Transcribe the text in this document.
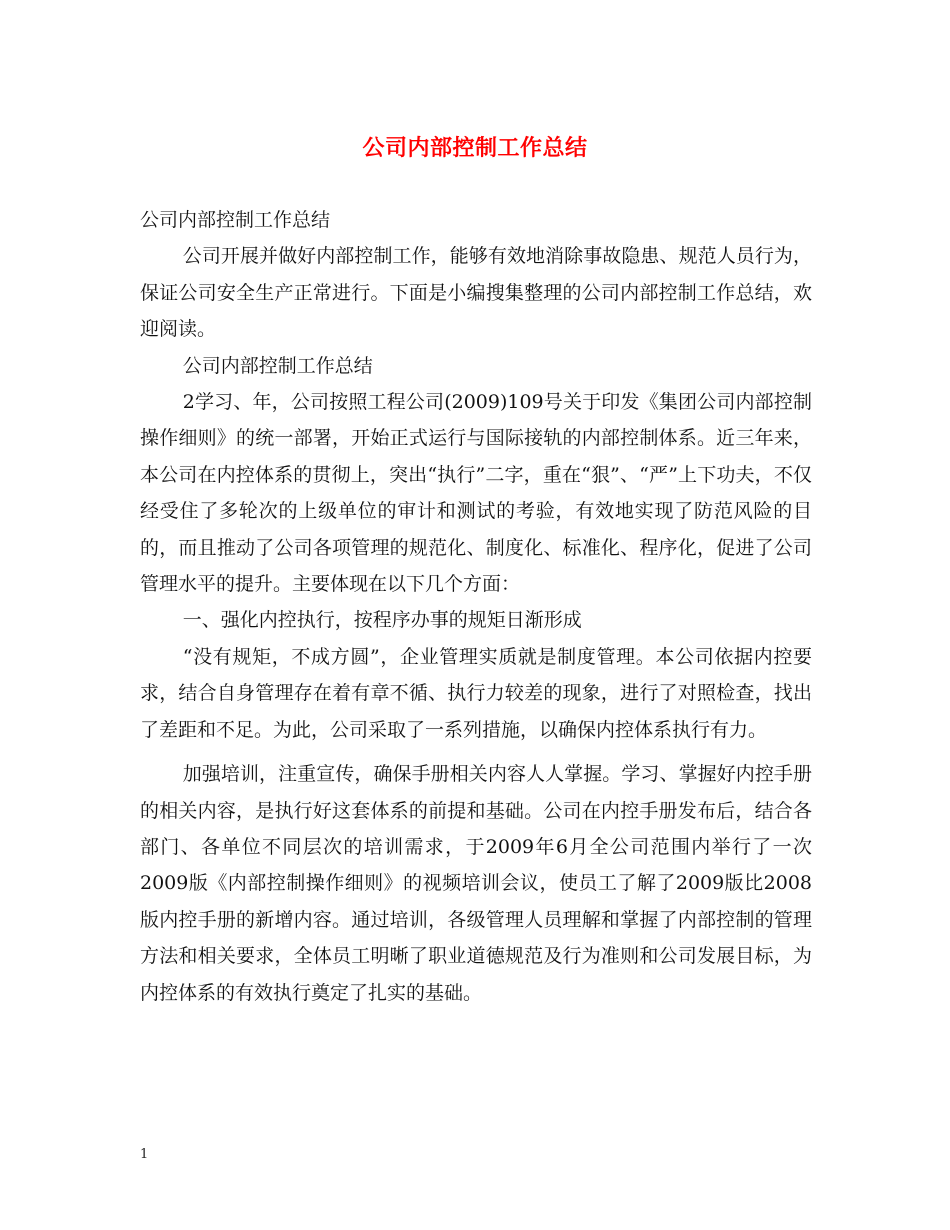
公司内部控制工作总结

公司内部控制工作总结

公司开展并做好内部控制工作，能够有效地消除事故隐患、规范人员行为，保证公司安全生产正常进行。下面是小编搜集整理的公司内部控制工作总结，欢迎阅读。

公司内部控制工作总结

2学习、年，公司按照工程公司(2009)109号关于印发《集团公司内部控制操作细则》的统一部署，开始正式运行与国际接轨的内部控制体系。近三年来，本公司在内控体系的贯彻上，突出“执行”二字，重在“狠”、“严”上下功夫，不仅经受住了多轮次的上级单位的审计和测试的考验，有效地实现了防范风险的目的，而且推动了公司各项管理的规范化、制度化、标准化、程序化，促进了公司管理水平的提升。主要体现在以下几个方面：

一、强化内控执行，按程序办事的规矩日渐形成

“没有规矩，不成方圆”，企业管理实质就是制度管理。本公司依据内控要求，结合自身管理存在着有章不循、执行力较差的现象，进行了对照检查，找出了差距和不足。为此，公司采取了一系列措施，以确保内控体系执行有力。

加强培训，注重宣传，确保手册相关内容人人掌握。学习、掌握好内控手册的相关内容，是执行好这套体系的前提和基础。公司在内控手册发布后，结合各部门、各单位不同层次的培训需求，于2009年6月全公司范围内举行了一次2009版《内部控制操作细则》的视频培训会议，使员工了解了2009版比2008版内控手册的新增内容。通过培训，各级管理人员理解和掌握了内部控制的管理方法和相关要求，全体员工明晰了职业道德规范及行为准则和公司发展目标，为内控体系的有效执行奠定了扎实的基础。

1
